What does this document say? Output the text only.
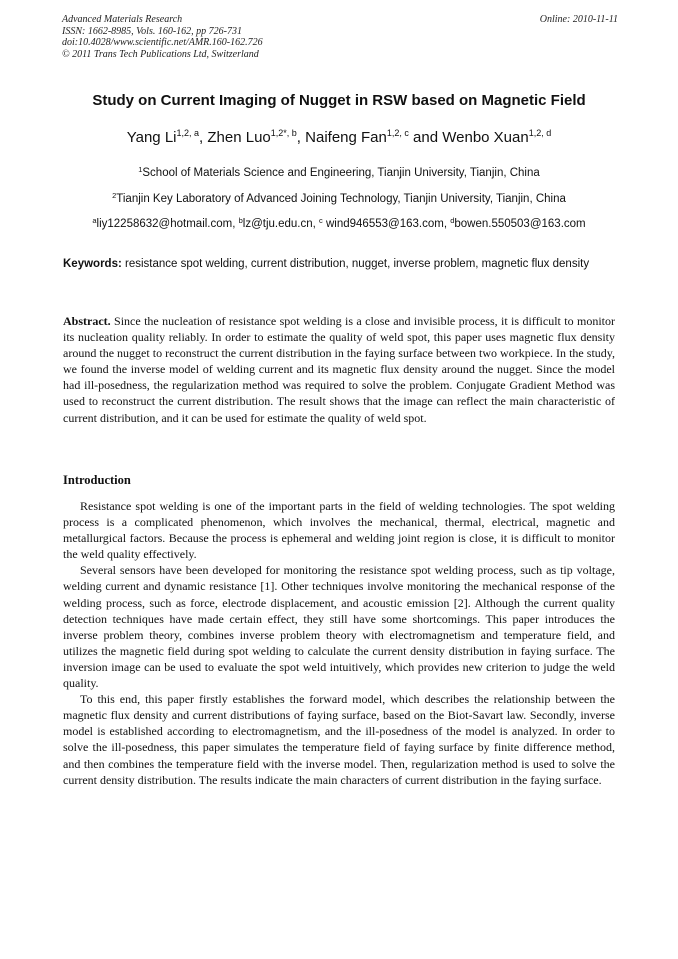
Advanced Materials Research
ISSN: 1662-8985, Vols. 160-162, pp 726-731
doi:10.4028/www.scientific.net/AMR.160-162.726
© 2011 Trans Tech Publications Ltd, Switzerland
Online: 2010-11-11
Study on Current Imaging of Nugget in RSW based on Magnetic Field
Yang Li$^{1,2, a}$, Zhen Luo$^{1,2*, b}$, Naifeng Fan$^{1,2, c}$ and Wenbo Xuan$^{1,2, d}$
$^1$School of Materials Science and Engineering, Tianjin University, Tianjin, China
$^2$Tianjin Key Laboratory of Advanced Joining Technology, Tianjin University, Tianjin, China
$^a$liy12258632@hotmail.com, $^b$lz@tju.edu.cn, $^c$ wind946553@163.com, $^d$bowen.550503@163.com
Keywords: resistance spot welding, current distribution, nugget, inverse problem, magnetic flux density

Abstract. Since the nucleation of resistance spot welding is a close and invisible process, it is difficult to monitor its nucleation quality reliably. In order to estimate the quality of weld spot, this paper uses magnetic flux density around the nugget to reconstruct the current distribution in the faying surface between two workpiece. In the study, we found the inverse model of welding current and its magnetic flux density around the nugget. Since the model had ill-posedness, the regularization method was required to solve the problem. Conjugate Gradient Method was used to reconstruct the current distribution. The result shows that the image can reflect the main characteristic of current distribution, and it can be used for estimate the quality of weld spot.

Introduction

Resistance spot welding is one of the important parts in the field of welding technologies. The spot welding process is a complicated phenomenon, which involves the mechanical, thermal, electrical, magnetic and metallurgical factors. Because the process is ephemeral and welding joint region is close, it is difficult to monitor the weld quality effectively.

Several sensors have been developed for monitoring the resistance spot welding process, such as tip voltage, welding current and dynamic resistance [1]. Other techniques involve monitoring the mechanical response of the welding process, such as force, electrode displacement, and acoustic emission [2]. Although the current quality detection techniques have made certain effect, they still have some shortcomings. This paper introduces the inverse problem theory, combines inverse problem theory with electromagnetism and temperature field, and utilizes the magnetic field during spot welding to calculate the current density distribution in faying surface. The inversion image can be used to evaluate the spot weld intuitively, which provides new criterion to judge the weld quality.

To this end, this paper firstly establishes the forward model, which describes the relationship between the magnetic flux density and current distributions of faying surface, based on the Biot-Savart law. Secondly, inverse model is established according to electromagnetism, and the ill-posedness of the model is analyzed. In order to solve the ill-posedness, this paper simulates the temperature field of faying surface by finite difference method, and then combines the temperature field with the inverse model. Then, regularization method is used to solve the current density distribution. The results indicate the main characters of current distribution in the faying surface.
